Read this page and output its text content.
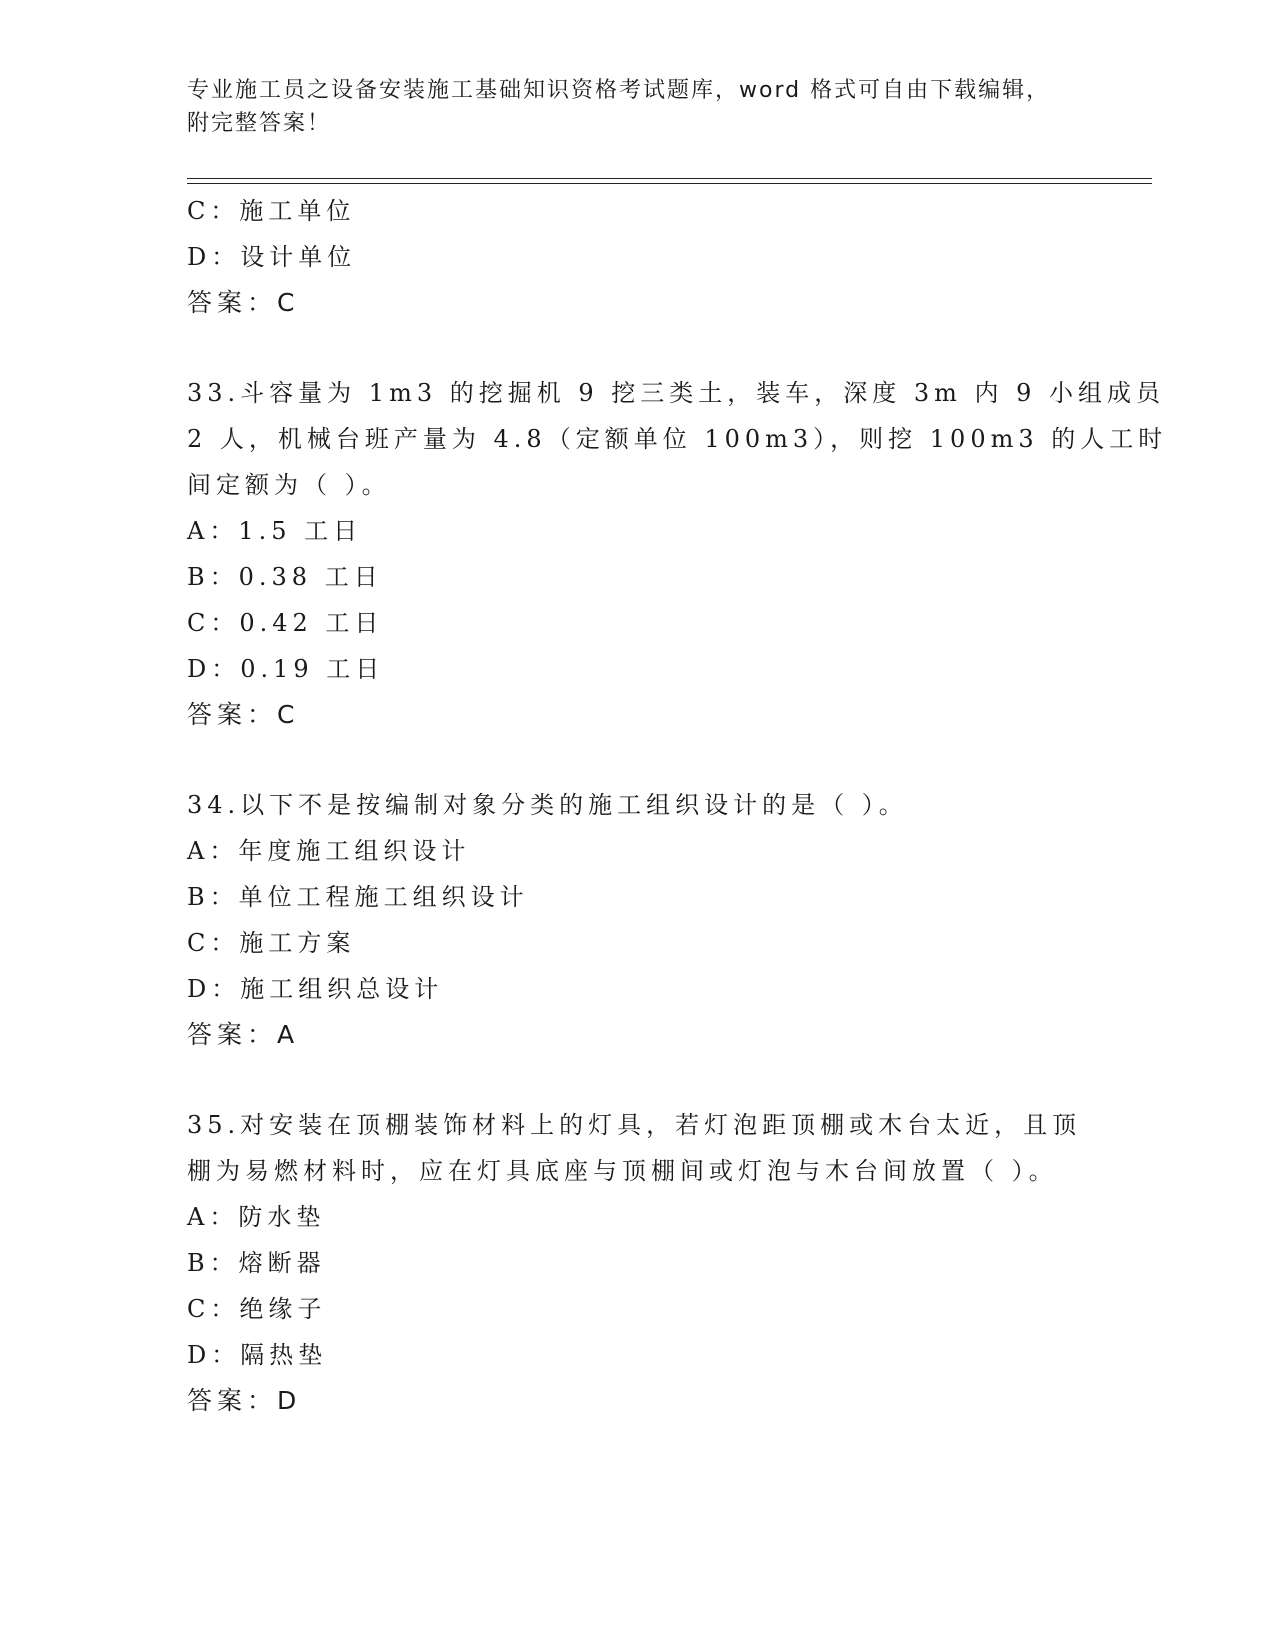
专业施工员之设备安装施工基础知识资格考试题库，word 格式可自由下载编辑，
附完整答案！
C：施工单位
D：设计单位
答案：C
33.斗容量为 1m3 的挖掘机 9 挖三类土，装车，深度 3m 内 9 小组成员
2 人，机械台班产量为 4.8（定额单位 100m3），则挖 100m3 的人工时
间定额为（ ）。
A：1.5 工日
B：0.38 工日
C：0.42 工日
D：0.19 工日
答案：C
34.以下不是按编制对象分类的施工组织设计的是（ ）。
A：年度施工组织设计
B：单位工程施工组织设计
C：施工方案
D：施工组织总设计
答案：A
35.对安装在顶棚装饰材料上的灯具，若灯泡距顶棚或木台太近，且顶
棚为易燃材料时，应在灯具底座与顶棚间或灯泡与木台间放置（ ）。
A：防水垫
B：熔断器
C：绝缘子
D：隔热垫
答案：D
